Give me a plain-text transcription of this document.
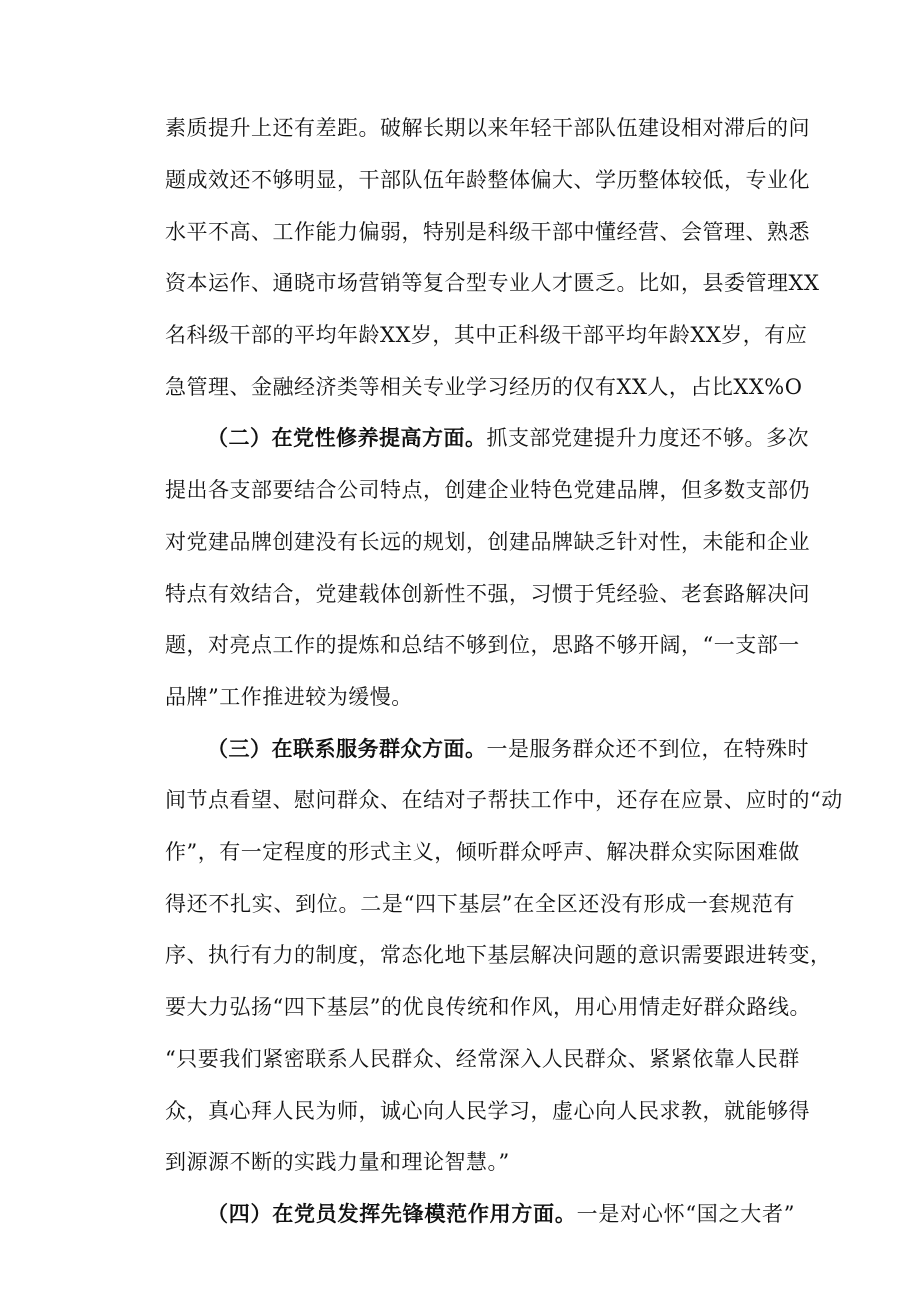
素质提升上还有差距。破解长期以来年轻干部队伍建设相对滞后的问
题成效还不够明显，干部队伍年龄整体偏大、学历整体较低，专业化
水平不高、工作能力偏弱，特别是科级干部中懂经营、会管理、熟悉
资本运作、通晓市场营销等复合型专业人才匮乏。比如，县委管理XX
名科级干部的平均年龄XX岁，其中正科级干部平均年龄XX岁，有应
急管理、金融经济类等相关专业学习经历的仅有XX人，占比XX%O
（二）在党性修养提高方面。抓支部党建提升力度还不够。多次
提出各支部要结合公司特点，创建企业特色党建品牌，但多数支部仍
对党建品牌创建没有长远的规划，创建品牌缺乏针对性，未能和企业
特点有效结合，党建载体创新性不强，习惯于凭经验、老套路解决问
题，对亮点工作的提炼和总结不够到位，思路不够开阔，“一支部一
品牌”工作推进较为缓慢。
（三）在联系服务群众方面。一是服务群众还不到位，在特殊时
间节点看望、慰问群众、在结对子帮扶工作中，还存在应景、应时的“动
作”，有一定程度的形式主义，倾听群众呼声、解决群众实际困难做
得还不扎实、到位。二是“四下基层”在全区还没有形成一套规范有
序、执行有力的制度，常态化地下基层解决问题的意识需要跟进转变，
要大力弘扬“四下基层”的优良传统和作风，用心用情走好群众路线。
“只要我们紧密联系人民群众、经常深入人民群众、紧紧依靠人民群
众，真心拜人民为师，诚心向人民学习，虚心向人民求教，就能够得
到源源不断的实践力量和理论智慧。”
（四）在党员发挥先锋模范作用方面。一是对心怀“国之大者”
